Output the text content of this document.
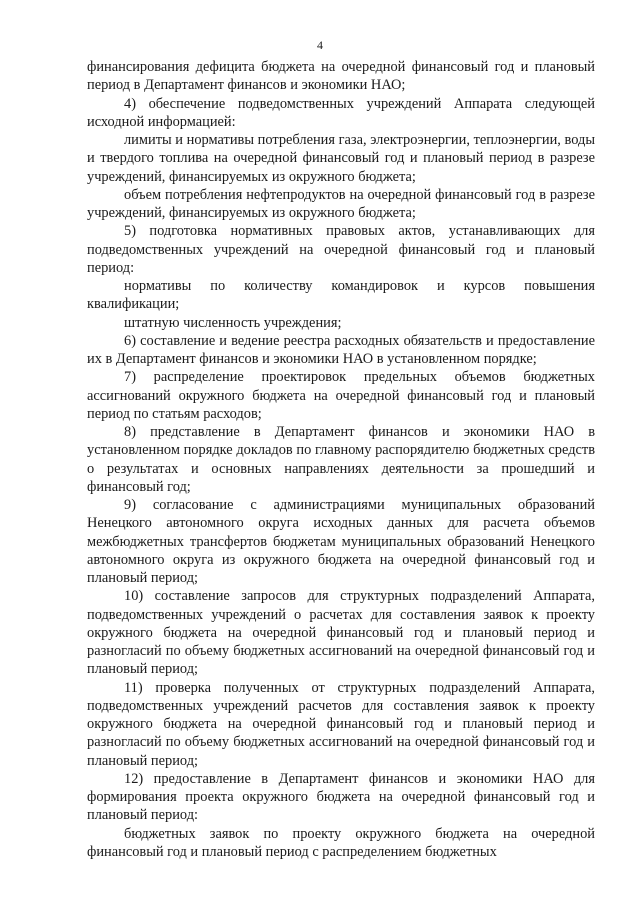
4

финансирования дефицита бюджета на очередной финансовый год и плановый период в Департамент финансов и экономики НАО;

4) обеспечение подведомственных учреждений Аппарата следующей исходной информацией:

лимиты и нормативы потребления газа, электроэнергии, теплоэнергии, воды и твердого топлива на очередной финансовый год и плановый период в разрезе учреждений, финансируемых из окружного бюджета;

объем потребления нефтепродуктов на очередной финансовый год в разрезе учреждений, финансируемых из окружного бюджета;

5) подготовка нормативных правовых актов, устанавливающих для подведомственных учреждений на очередной финансовый год и плановый период:

нормативы по количеству командировок и курсов повышения квалификации;

штатную численность учреждения;

6) составление и ведение реестра расходных обязательств и предоставление их в Департамент финансов и экономики НАО в установленном порядке;

7) распределение проектировок предельных объемов бюджетных ассигнований окружного бюджета на очередной финансовый год и плановый период по статьям расходов;

8) представление в Департамент финансов и экономики НАО в установленном порядке докладов по главному распорядителю бюджетных средств о результатах и основных направлениях деятельности за прошедший и финансовый год;

9) согласование с администрациями муниципальных образований Ненецкого автономного округа исходных данных для расчета объемов межбюджетных трансфертов бюджетам муниципальных образований Ненецкого автономного округа из окружного бюджета на очередной финансовый год и плановый период;

10) составление запросов для структурных подразделений Аппарата, подведомственных учреждений о расчетах для составления заявок к проекту окружного бюджета на очередной финансовый год и плановый период и разногласий по объему бюджетных ассигнований на очередной финансовый год и плановый период;

11) проверка полученных от структурных подразделений Аппарата, подведомственных учреждений расчетов для составления заявок к проекту окружного бюджета на очередной финансовый год и плановый период и разногласий по объему бюджетных ассигнований на очередной финансовый год и плановый период;

12) предоставление в Департамент финансов и экономики НАО для формирования проекта окружного бюджета на очередной финансовый год и плановый период:

бюджетных заявок по проекту окружного бюджета на очередной финансовый год и плановый период с распределением бюджетных
